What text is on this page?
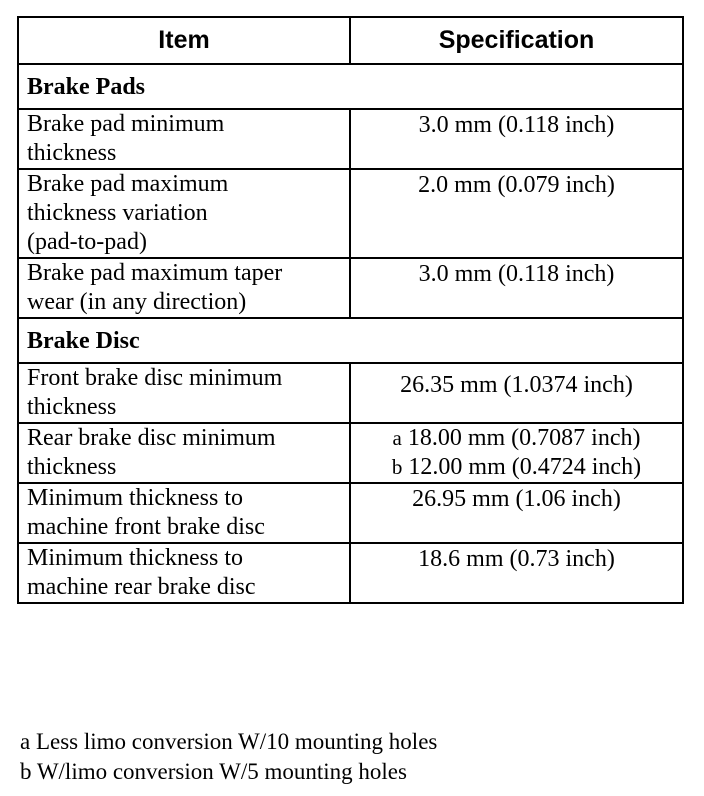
Item	Specification
Brake Pads	

Brake pad minimum
thickness	3.0 mm (0.118 inch)

Brake pad maximum
thickness variation
(pad-to-pad)	2.0 mm (0.079 inch)

Brake pad maximum taper
wear (in any direction)	3.0 mm (0.118 inch)
Brake Disc	

Front brake disc minimum
thickness	26.35 mm (1.0374 inch)

Rear brake disc minimum
thickness	a 18.00 mm (0.7087 inch)
b 12.00 mm (0.4724 inch)

Minimum thickness to
machine front brake disc	26.95 mm (1.06 inch)

Minimum thickness to
machine rear brake disc	18.6 mm (0.73 inch)
a Less limo conversion W/10 mounting holes
b W/limo conversion W/5 mounting holes
